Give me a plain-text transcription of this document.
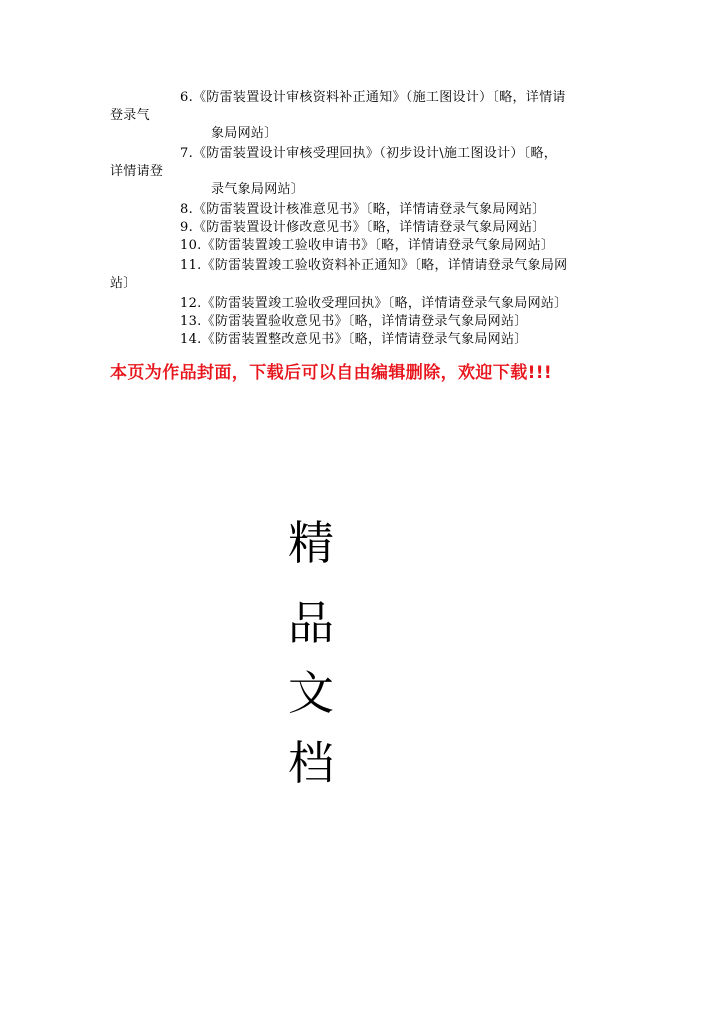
6.《防雷装置设计审核资料补正通知》（施工图设计）〔略，详情请
登录气
象局网站〕
7.《防雷装置设计审核受理回执》（初步设计\施工图设计）〔略，
详情请登
录气象局网站〕
8.《防雷装置设计核准意见书》〔略，详情请登录气象局网站〕
9.《防雷装置设计修改意见书》〔略，详情请登录气象局网站〕
10.《防雷装置竣工验收申请书》〔略，详情请登录气象局网站〕
11.《防雷装置竣工验收资料补正通知》〔略，详情请登录气象局网
站〕
12.《防雷装置竣工验收受理回执》〔略，详情请登录气象局网站〕
13.《防雷装置验收意见书》〔略，详情请登录气象局网站〕
14.《防雷装置整改意见书》〔略，详情请登录气象局网站〕
本页为作品封面，下载后可以自由编辑删除，欢迎下载!!!
精
品
文
档
